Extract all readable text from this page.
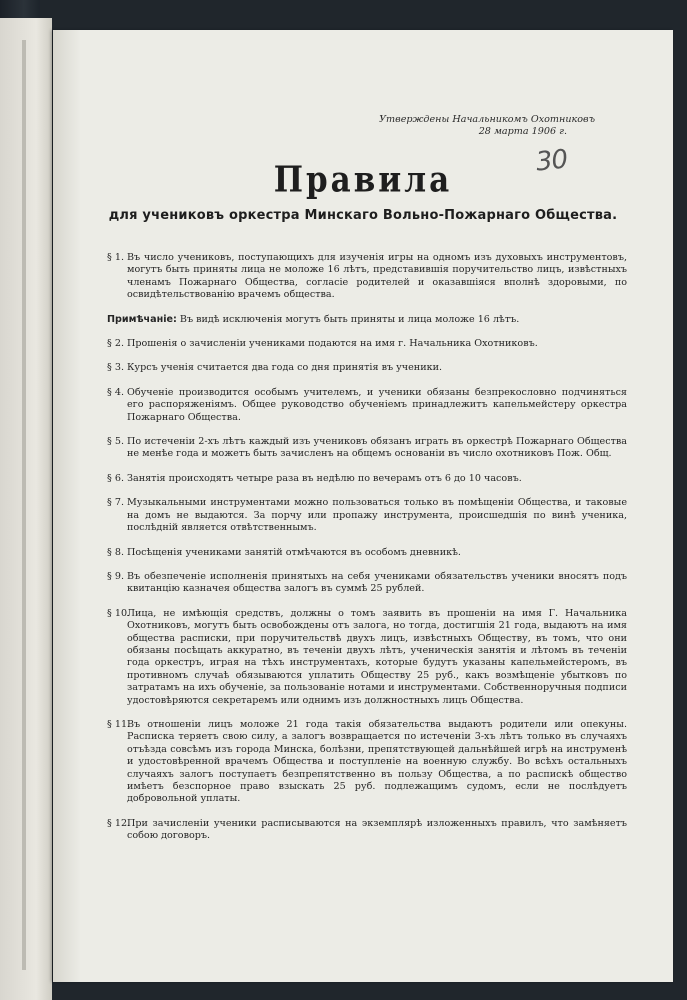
Утверждены Начальникомъ Охотниковъ

28 марта 1906 г.
30
Правила
для учениковъ оркестра Минскаго Вольно-Пожарнаго Общества.
§ 1. Въ число учениковъ, поступающихъ для изученія игры на одномъ изъ духовыхъ инструментовъ, могутъ быть приняты лица не моложе 16 лѣтъ, представившія поручительство лицъ, извѣстныхъ членамъ Пожарнаго Общества, согласіе родителей и оказавшіяся вполнѣ здоровыми, по освидѣтельствованію врачемъ общества.
Примѣчаніе: Въ видѣ исключенія могутъ быть приняты и лица моложе 16 лѣтъ.
§ 2. Прошенія о зачисленіи учениками подаются на имя г. Начальника Охотниковъ.
§ 3. Курсъ ученія считается два года со дня принятія въ ученики.
§ 4. Обученіе производится особымъ учителемъ, и ученики обязаны безпрекословно подчиняться его распоряженіямъ. Общее руководство обученіемъ принадлежитъ капельмейстеру оркестра Пожарнаго Общества.
§ 5. По истеченіи 2-хъ лѣтъ каждый изъ учениковъ обязанъ играть въ оркестрѣ Пожарнаго Общества не менѣе года и можетъ быть зачисленъ на общемъ основаніи въ число охотниковъ Пож. Общ.
§ 6. Занятія происходятъ четыре раза въ недѣлю по вечерамъ отъ 6 до 10 часовъ.
§ 7. Музыкальными инструментами можно пользоваться только въ помѣщеніи Общества, и таковые на домъ не выдаются. За порчу или пропажу инструмента, происшедшія по винѣ ученика, послѣдній является отвѣтственнымъ.
§ 8. Посѣщенія учениками занятій отмѣчаются въ особомъ дневникѣ.
§ 9. Въ обезпеченіе исполненія принятыхъ на себя учениками обязательствъ ученики вносятъ подъ квитанцію казначея общества залогъ въ суммѣ 25 рублей.
§ 10.
Лица, не имѣющія средствъ, должны о томъ заявить въ прошеніи на имя Г. Начальника Охотниковъ, могутъ быть освобождены отъ залога, но тогда, достигшія 21 года, выдаютъ на имя общества расписки, при поручительствѣ двухъ лицъ, извѣстныхъ Обществу, въ томъ, что они обязаны посѣщать аккуратно, въ теченіи двухъ лѣтъ, ученическія занятія и лѣтомъ въ теченіи года оркестръ, играя на тѣхъ инструментахъ, которые будутъ указаны капельмейстеромъ, въ противномъ случаѣ обязываются уплатить Обществу 25 руб., какъ возмѣщеніе убытковъ по затратамъ на ихъ обученіе, за пользованіе нотами и инструментами. Собственноручныя подписи удостовѣряются секретаремъ или однимъ изъ должностныхъ лицъ Общества.
§ 11.
Въ отношеніи лицъ моложе 21 года такія обязательства выдаютъ родители или опекуны. Расписка теряетъ свою силу, а залогъ возвращается по истеченіи 3-хъ лѣтъ только въ случаяхъ отъѣзда совсѣмъ изъ города Минска, болѣзни, препятствующей дальнѣйшей игрѣ на инструменѣ и удостовѣренной врачемъ Общества и поступленіе на военную службу. Во всѣхъ остальныхъ случаяхъ залогъ поступаетъ безпрепятственно въ пользу Общества, а по распискѣ общество имѣетъ безспорное право взыскать 25 руб. подлежащимъ судомъ, если не послѣдуетъ добровольной уплаты.
§ 12.
При зачисленіи ученики расписываются на экземплярѣ изложенныхъ правилъ, что замѣняетъ собою договоръ.
